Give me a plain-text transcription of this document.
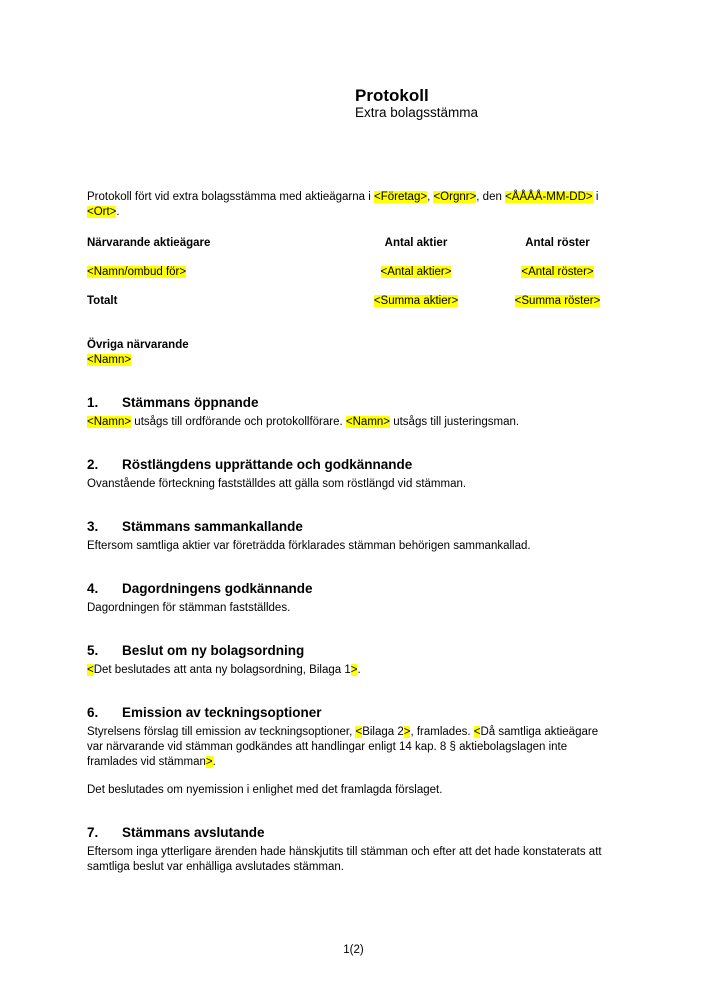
Protokoll
Extra bolagsstämma

Protokoll fört vid extra bolagsstämma med aktieägarna i <Företag>, <Orgnr>, den <ÅÅÅÅ-MM-DD> i
<Ort>.

Närvarande aktieägare	Antal aktier	Antal röster
<Namn/ombud för>	<Antal aktier>	<Antal röster>
Totalt	<Summa aktier>	<Summa röster>
Övriga närvarande
<Namn>
1. Stämmans öppnande

<Namn> utsågs till ordförande och protokollförare. <Namn> utsågs till justeringsman.

2. Röstlängdens upprättande och godkännande

Ovanstående förteckning fastställdes att gälla som röstlängd vid stämman.

3. Stämmans sammankallande

Eftersom samtliga aktier var företrädda förklarades stämman behörigen sammankallad.

4. Dagordningens godkännande

Dagordningen för stämman fastställdes.

5. Beslut om ny bolagsordning

<Det beslutades att anta ny bolagsordning, Bilaga 1>.

6. Emission av teckningsoptioner

Styrelsens förslag till emission av teckningsoptioner, <Bilaga 2>, framlades. <Då samtliga aktieägare
var närvarande vid stämman godkändes att handlingar enligt 14 kap. 8 § aktiebolagslagen inte
framlades vid stämman>.

Det beslutades om nyemission i enlighet med det framlagda förslaget.

7. Stämmans avslutande

Eftersom inga ytterligare ärenden hade hänskjutits till stämman och efter att det hade konstaterats att
samtliga beslut var enhälliga avslutades stämman.

1(2)
